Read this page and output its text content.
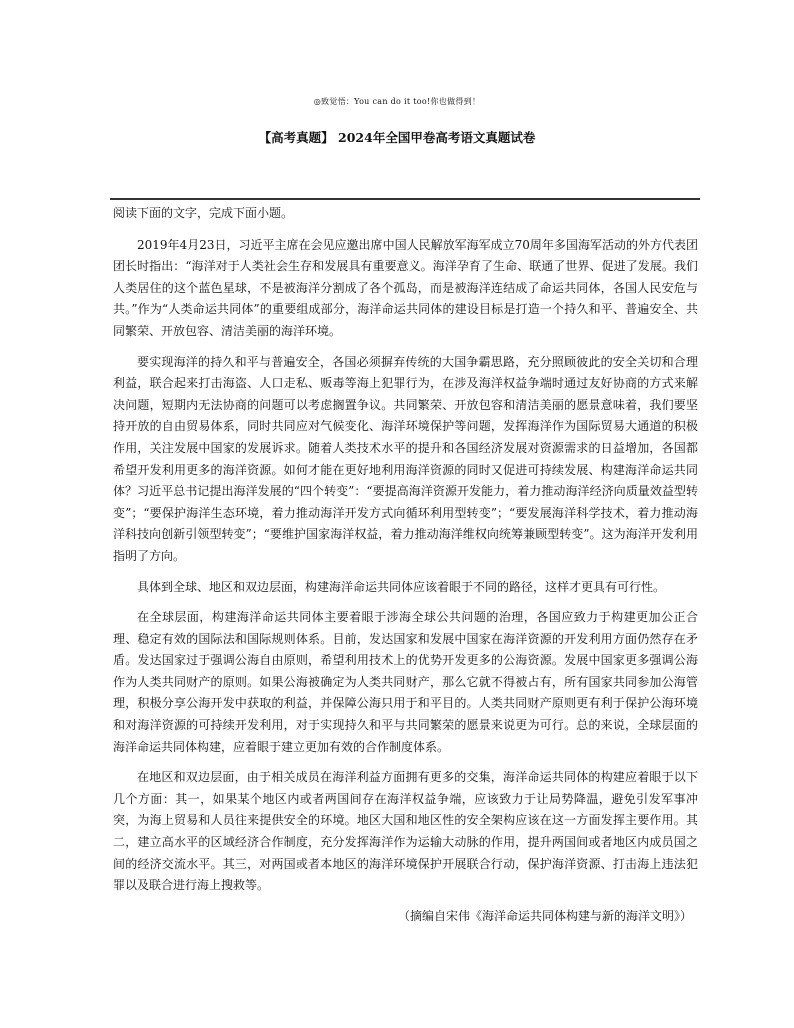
◎致觉悟：You can do it too!你也做得到！
【高考真题】 2024年全国甲卷高考语文真题试卷

阅读下面的文字，完成下面小题。

2019年4月23日，习近平主席在会见应邀出席中国人民解放军海军成立70周年多国海军活动的外方代表团团长时指出：“海洋对于人类社会生存和发展具有重要意义。海洋孕育了生命、联通了世界、促进了发展。我们人类居住的这个蓝色星球，不是被海洋分割成了各个孤岛，而是被海洋连结成了命运共同体，各国人民安危与共。”作为“人类命运共同体”的重要组成部分，海洋命运共同体的建设目标是打造一个持久和平、普遍安全、共同繁荣、开放包容、清洁美丽的海洋环境。

要实现海洋的持久和平与普遍安全，各国必须摒弃传统的大国争霸思路，充分照顾彼此的安全关切和合理利益，联合起来打击海盗、人口走私、贩毒等海上犯罪行为，在涉及海洋权益争端时通过友好协商的方式来解决问题，短期内无法协商的问题可以考虑搁置争议。共同繁荣、开放包容和清洁美丽的愿景意味着，我们要坚持开放的自由贸易体系，同时共同应对气候变化、海洋环境保护等问题，发挥海洋作为国际贸易大通道的积极作用，关注发展中国家的发展诉求。随着人类技术水平的提升和各国经济发展对资源需求的日益增加，各国都希望开发利用更多的海洋资源。如何才能在更好地利用海洋资源的同时又促进可持续发展、构建海洋命运共同体？习近平总书记提出海洋发展的“四个转变”：“要提高海洋资源开发能力，着力推动海洋经济向质量效益型转变”；“要保护海洋生态环境，着力推动海洋开发方式向循环利用型转变”；“要发展海洋科学技术，着力推动海洋科技向创新引领型转变”；“要维护国家海洋权益，着力推动海洋维权向统筹兼顾型转变”。这为海洋开发利用指明了方向。

具体到全球、地区和双边层面，构建海洋命运共同体应该着眼于不同的路径，这样才更具有可行性。

在全球层面，构建海洋命运共同体主要着眼于涉海全球公共问题的治理，各国应致力于构建更加公正合理、稳定有效的国际法和国际规则体系。目前，发达国家和发展中国家在海洋资源的开发利用方面仍然存在矛盾。发达国家过于强调公海自由原则，希望利用技术上的优势开发更多的公海资源。发展中国家更多强调公海作为人类共同财产的原则。如果公海被确定为人类共同财产，那么它就不得被占有，所有国家共同参加公海管理，积极分享公海开发中获取的利益，并保障公海只用于和平目的。人类共同财产原则更有利于保护公海环境和对海洋资源的可持续开发利用，对于实现持久和平与共同繁荣的愿景来说更为可行。总的来说，全球层面的海洋命运共同体构建，应着眼于建立更加有效的合作制度体系。

在地区和双边层面，由于相关成员在海洋利益方面拥有更多的交集，海洋命运共同体的构建应着眼于以下几个方面：其一，如果某个地区内或者两国间存在海洋权益争端，应该致力于让局势降温，避免引发军事冲突，为海上贸易和人员往来提供安全的环境。地区大国和地区性的安全架构应该在这一方面发挥主要作用。其二，建立高水平的区域经济合作制度，充分发挥海洋作为运输大动脉的作用，提升两国间或者地区内成员国之间的经济交流水平。其三，对两国或者本地区的海洋环境保护开展联合行动，保护海洋资源、打击海上违法犯罪以及联合进行海上搜救等。

（摘编自宋伟《海洋命运共同体构建与新的海洋文明》）
